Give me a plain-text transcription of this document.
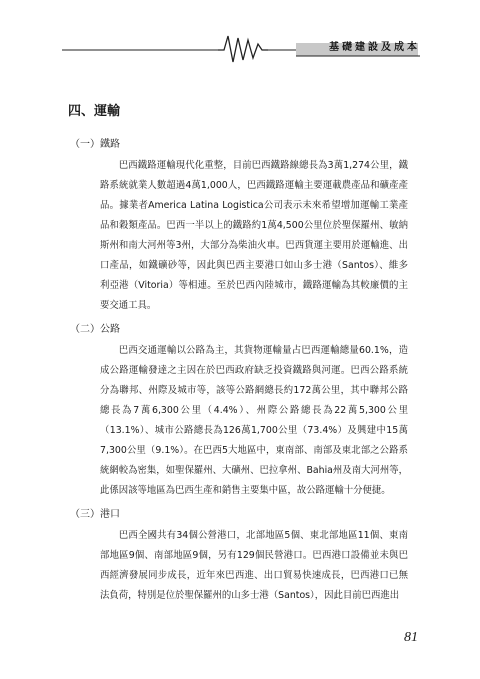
基礎建設及成本
四、運輸
（一）鐵路

巴西鐵路運輸現代化重整，目前巴西鐵路線總長為3萬1,274公里，鐵路系統就業人數超過4萬1,000人，巴西鐵路運輸主要運載農產品和礦產產品。據業者America Latina Logistica公司表示未來希望增加運輸工業產品和穀類產品。巴西一半以上的鐵路約1萬4,500公里位於聖保羅州、敏納斯州和南大河州等3州，大部分為柴油火車。巴西貨運主要用於運輸進、出口產品，如鐵礦砂等，因此與巴西主要港口如山多士港（Santos）、維多利亞港（Vitoria）等相連。至於巴西內陸城市，鐵路運輸為其較廉價的主要交通工具。

（二）公路

巴西交通運輸以公路為主，其貨物運輸量占巴西運輸總量60.1%，造成公路運輸發達之主因在於巴西政府缺乏投資鐵路與河運。巴西公路系統分為聯邦、州際及城市等，該等公路網總長約172萬公里，其中聯邦公路總長為7萬6,300公里（4.4%）、州際公路總長為22萬5,300公里（13.1%）、城市公路總長為126萬1,700公里（73.4%）及興建中15萬7,300公里（9.1%）。在巴西5大地區中，東南部、南部及東北部之公路系統網較為密集，如聖保羅州、大礦州、巴拉拿州、Bahia州及南大河州等，此係因該等地區為巴西生產和銷售主要集中區，故公路運輸十分便捷。

（三）港口

巴西全國共有34個公營港口，北部地區5個、東北部地區11個、東南部地區9個、南部地區9個，另有129個民營港口。巴西港口設備並未與巴西經濟發展同步成長，近年來巴西進、出口貿易快速成長，巴西港口已無法負荷，特別是位於聖保羅州的山多士港（Santos），因此目前巴西進出

81
